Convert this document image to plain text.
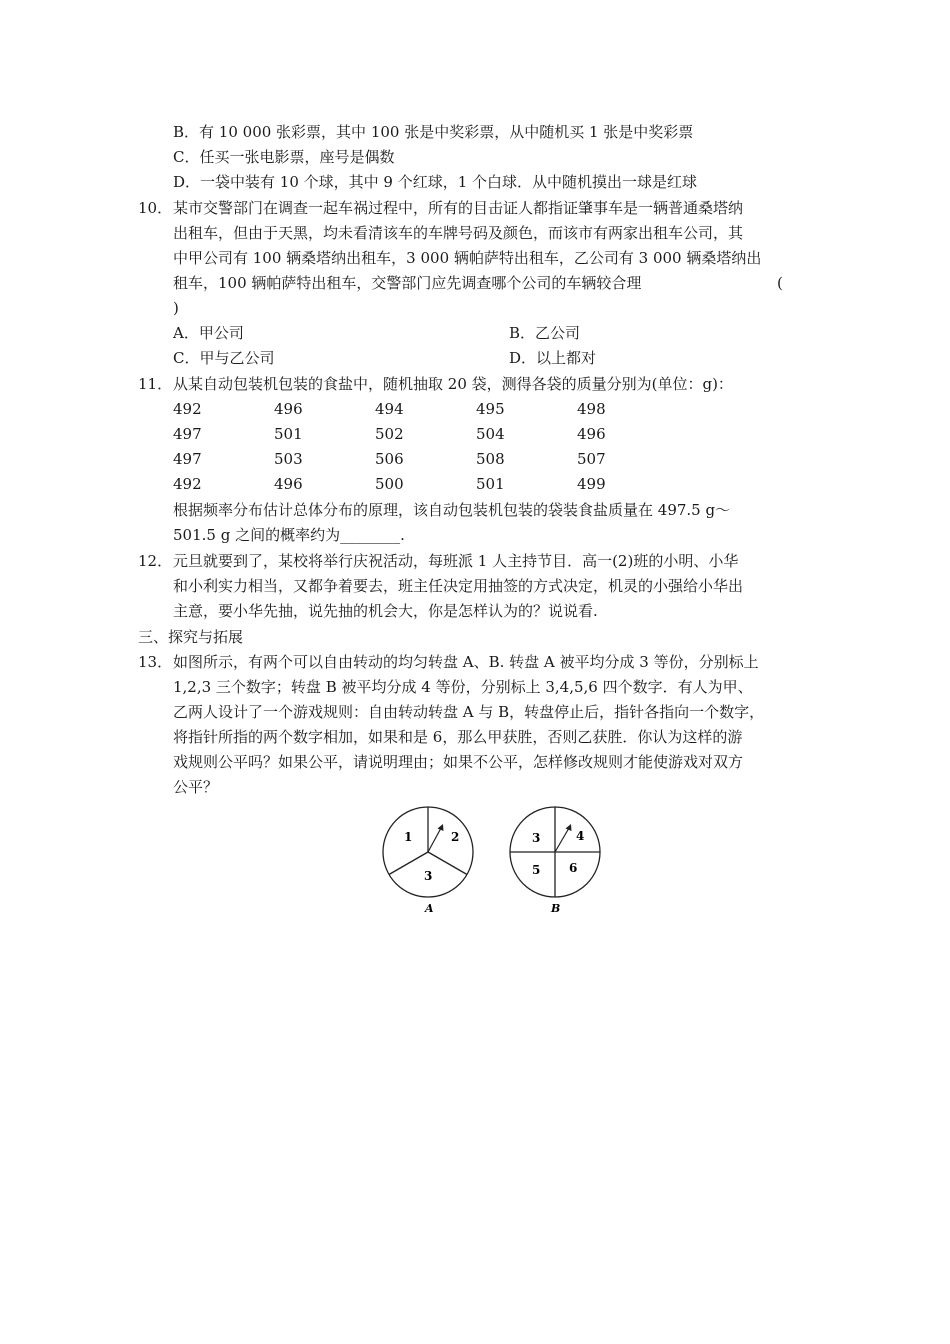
B．有 10 000 张彩票，其中 100 张是中奖彩票，从中随机买 1 张是中奖彩票
C．任买一张电影票，座号是偶数
D．一袋中装有 10 个球，其中 9 个红球，1 个白球．从中随机摸出一球是红球
10． 某市交警部门在调查一起车祸过程中，所有的目击证人都指证肇事车是一辆普通桑塔纳
出租车，但由于天黑，均未看清该车的车牌号码及颜色，而该市有两家出租车公司，其
中甲公司有 100 辆桑塔纳出租车，3 000 辆帕萨特出租车，乙公司有 3 000 辆桑塔纳出
租车，100 辆帕萨特出租车，交警部门应先调查哪个公司的车辆较合理	(
)
A．甲公司	B．乙公司
C．甲与乙公司	D．以上都对
11． 从某自动包装机包装的食盐中，随机抽取 20 袋，测得各袋的质量分别为(单位：g)：
492	496	494	495	498
497	501	502	504	496
497	503	506	508	507
492	496	500	501	499
根据频率分布估计总体分布的原理，该自动包装机包装的袋装食盐质量在 497.5 g～
501.5 g 之间的概率约为________.
12． 元旦就要到了，某校将举行庆祝活动，每班派 1 人主持节目．高一(2)班的小明、小华
和小利实力相当，又都争着要去，班主任决定用抽签的方式决定，机灵的小强给小华出
主意，要小华先抽，说先抽的机会大，你是怎样认为的？说说看.
三、探究与拓展
13． 如图所示，有两个可以自由转动的均匀转盘 A、B. 转盘 A 被平均分成 3 等份，分别标上
1,2,3 三个数字；转盘 B 被平均分成 4 等份，分别标上 3,4,5,6 四个数字．有人为甲、
乙两人设计了一个游戏规则：自由转动转盘 A 与 B，转盘停止后，指针各指向一个数字，
将指针所指的两个数字相加，如果和是 6，那么甲获胜，否则乙获胜．你认为这样的游
戏规则公平吗？如果公平，请说明理由；如果不公平，怎样修改规则才能使游戏对双方
公平？
1	2
3
A
3	4
5 6
B
